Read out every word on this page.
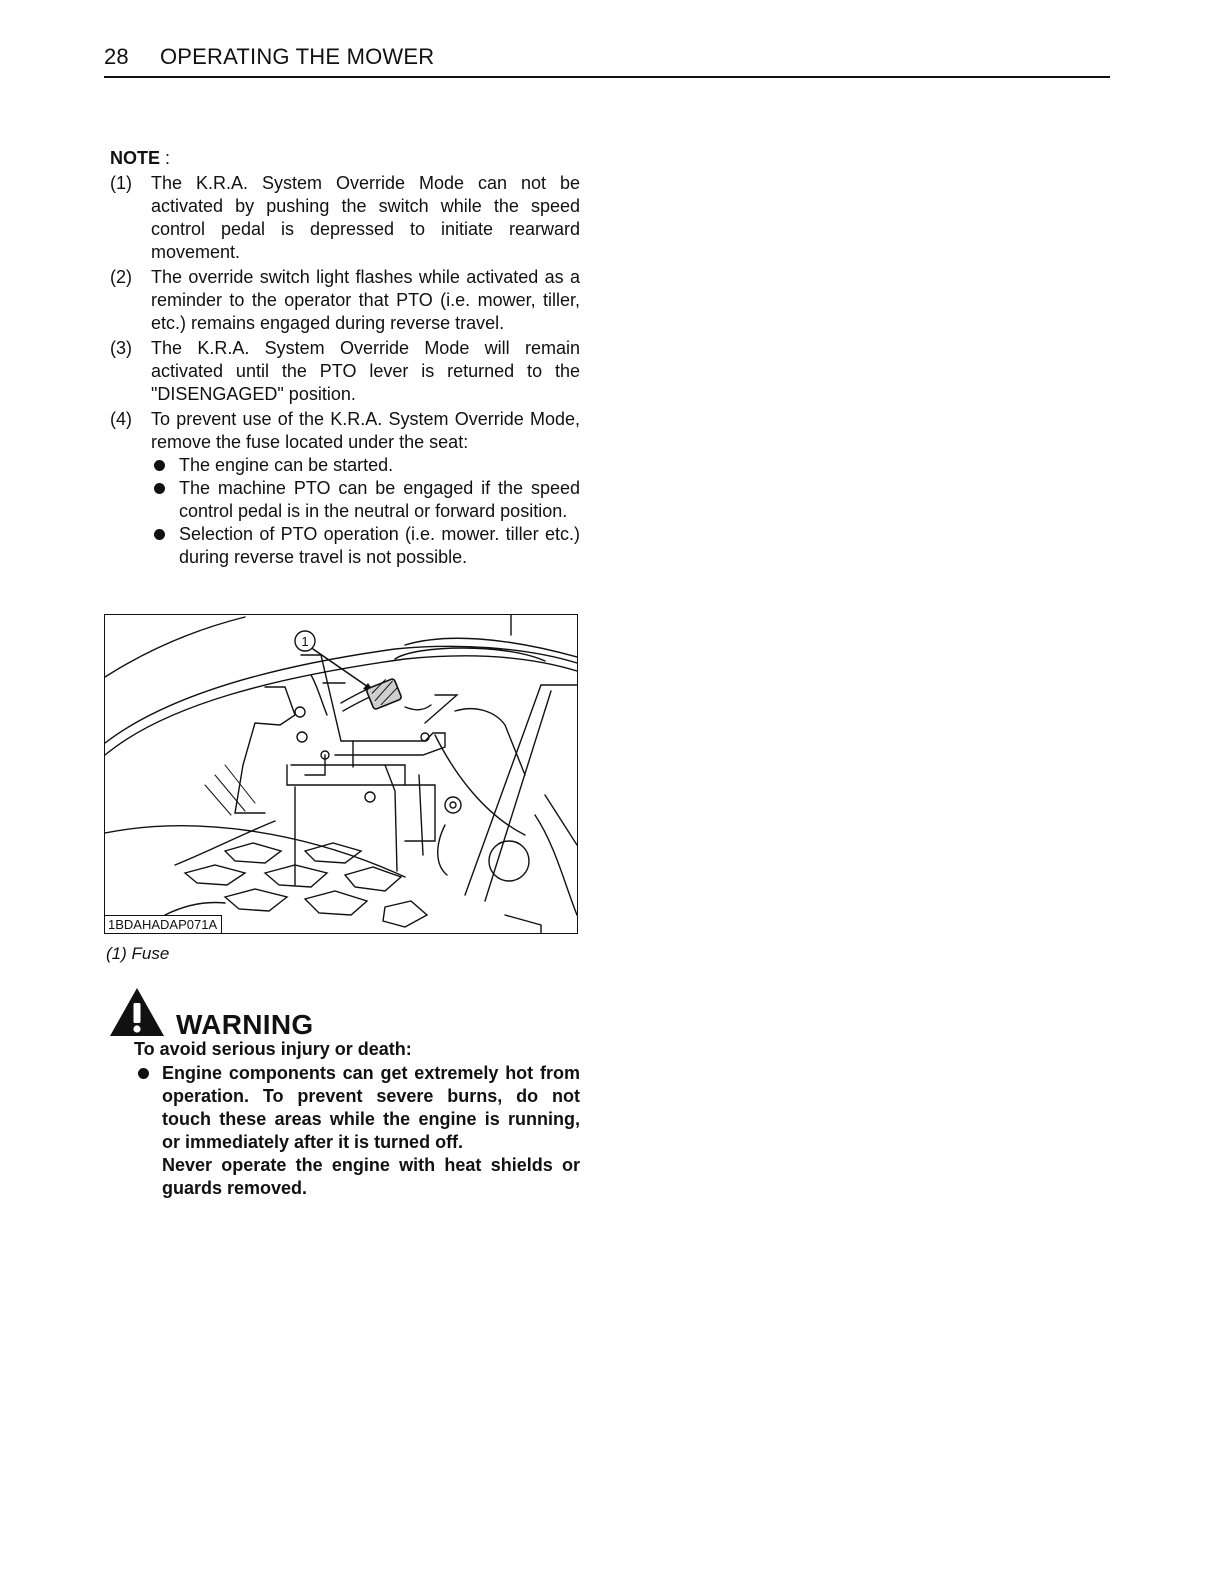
28 OPERATING THE MOWER
NOTE :
(1) The K.R.A. System Override Mode can not be activated by pushing the switch while the speed control pedal is depressed to initiate rearward movement.

(2) The override switch light flashes while activated as a reminder to the operator that PTO (i.e. mower, tiller, etc.) remains engaged during reverse travel.

(3) The K.R.A. System Override Mode will remain activated until the PTO lever is returned to the "DISENGAGED" position.

(4) To prevent use of the K.R.A. System Override Mode, remove the fuse located under the seat:

The engine can be started.
The machine PTO can be engaged if the speed control pedal is in the neutral or forward position.
Selection of PTO operation (i.e. mower. tiller etc.) during reverse travel is not possible.
1
1BDAHADAP071A
(1) Fuse
WARNING
To avoid serious injury or death:

Engine components can get extremely hot from operation. To prevent severe burns, do not touch these areas while the engine is running, or immediately after it is turned off.

Never operate the engine with heat shields or guards removed.
